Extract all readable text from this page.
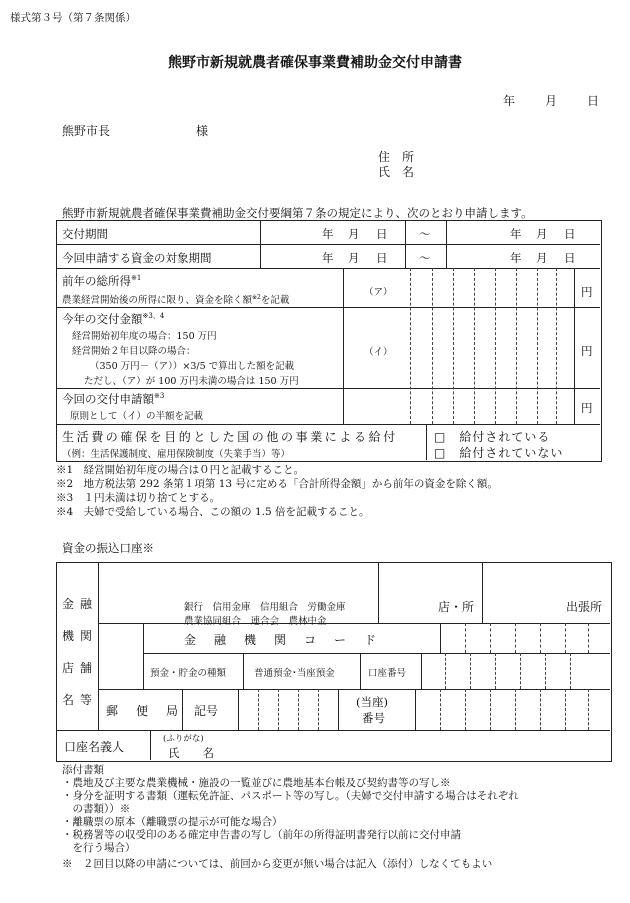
様式第３号（第７条関係）
熊野市新規就農者確保事業費補助金交付申請書
年 月 日
熊野市長	様
住　所
氏　名
熊野市新規就農者確保事業費補助金交付要綱第７条の規定により、次のとおり申請します。
交付期間	年 月 日	〜	年 月 日
今回申請する資金の対象期間	年 月 日	〜	年 月 日
前年の総所得$^{※1}$
農業経営開始後の所得に限り、資金を除く額$^{※2}$を記載
（ア）	円
今年の交付金額$^{※3、4}$
経営開始初年度の場合：150 万円
経営開始２年目以降の場合：
（350 万円－（ア））×3/5 で算出した額を記載
ただし、（ア）が 100 万円未満の場合は 150 万円
（イ）	円
今回の交付申請額$^{※3}$
原則として（イ）の半額を記載
円
生活費の確保を目的とした国の他の事業による給付
（例：生活保護制度、雇用保険制度（失業手当）等）
□　給付されている
□　給付されていない
※1　経営開始初年度の場合は０円と記載すること。
※2　地方税法第 292 条第１項第 13 号に定める「合計所得金額」から前年の資金を除く額。
※3　１円未満は切り捨てとする。
※4　夫婦で受給している場合、この額の 1.5 倍を記載すること。
資金の振込口座※
金融
機関
店舗
名等
銀行　信用金庫　信用組合　労働金庫
農業協同組合　連合会　農林中金
店・所	出張所
金　融　機　関　コ　ー　ド
預金・貯金の種類	普通預金･当座預金	口座番号
郵　便　局 記号
(当座)
番号
口座名義人
(ふりがな)
氏　　名
添付書類
・農地及び主要な農業機械・施設の一覧並びに農地基本台帳及び契約書等の写し※
・身分を証明する書類（運転免許証、パスポート等の写し。（夫婦で交付申請する場合はそれぞれ
　の書類））※
・離職票の原本（離職票の提示が可能な場合）
・税務署等の収受印のある確定申告書の写し（前年の所得証明書発行以前に交付申請
　を行う場合）
※　２回目以降の申請については、前回から変更が無い場合は記入（添付）しなくてもよい
